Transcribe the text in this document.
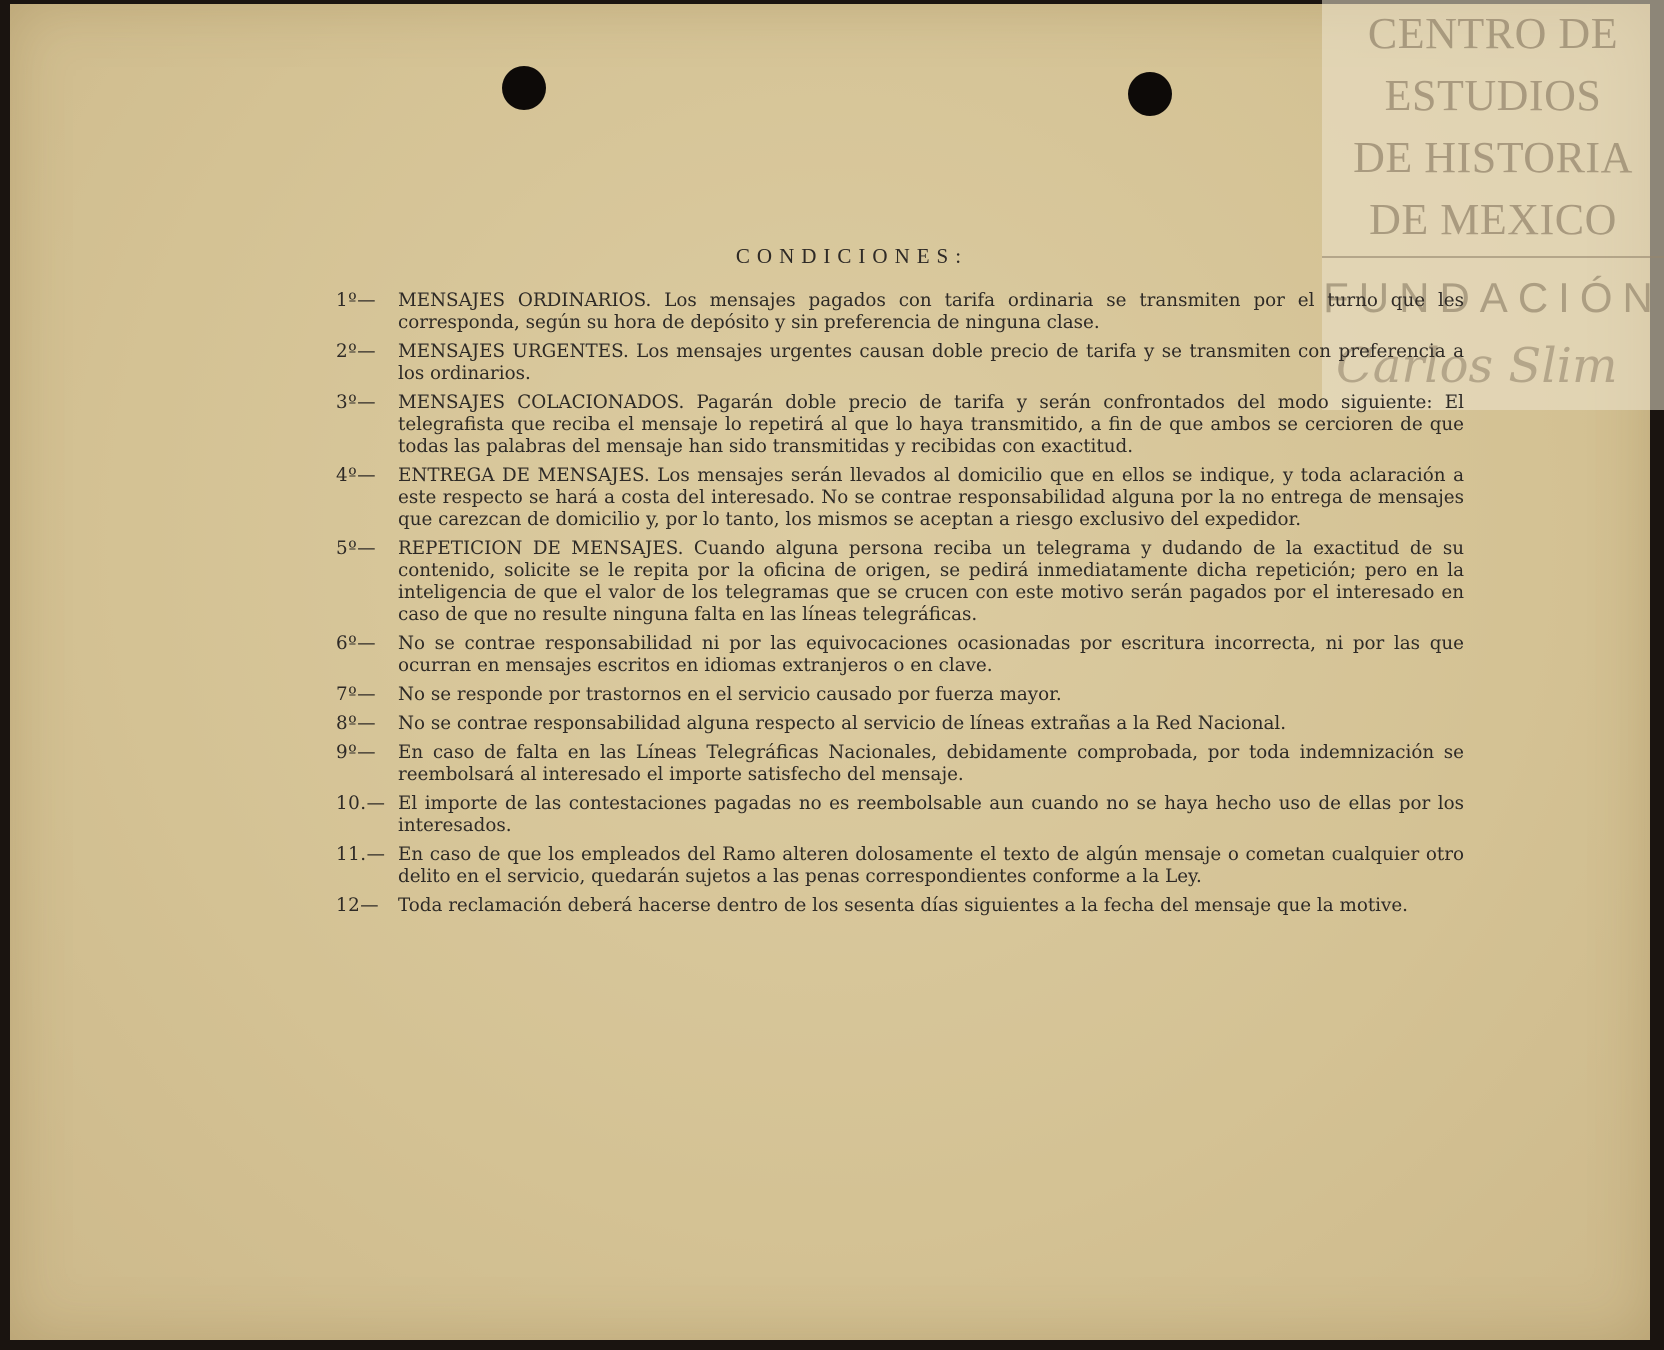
CENTRO DE
ESTUDIOS
DE HISTORIA
DE MEXICO
FUNDACIÓN
Carlos Slim
CONDICIONES:
1º— MENSAJES ORDINARIOS. Los mensajes pagados con tarifa ordinaria se transmiten por el turno que les corresponda, según su hora de depósito y sin preferencia de ninguna clase.
2º— MENSAJES URGENTES. Los mensajes urgentes causan doble precio de tarifa y se transmiten con preferencia a los ordinarios.
3º— MENSAJES COLACIONADOS. Pagarán doble precio de tarifa y serán confrontados del modo siguiente: El telegrafista que reciba el mensaje lo repetirá al que lo haya transmitido, a fin de que ambos se cercioren de que todas las palabras del mensaje han sido transmitidas y recibidas con exactitud.
4º— ENTREGA DE MENSAJES. Los mensajes serán llevados al domicilio que en ellos se indique, y toda aclaración a este respecto se hará a costa del interesado. No se contrae responsabilidad alguna por la no entrega de mensajes que carezcan de domicilio y, por lo tanto, los mismos se aceptan a riesgo exclusivo del expedidor.
5º— REPETICION DE MENSAJES. Cuando alguna persona reciba un telegrama y dudando de la exactitud de su contenido, solicite se le repita por la oficina de origen, se pedirá inmediatamente dicha repetición; pero en la inteligencia de que el valor de los telegramas que se crucen con este motivo serán pagados por el interesado en caso de que no resulte ninguna falta en las líneas telegráficas.
6º— No se contrae responsabilidad ni por las equivocaciones ocasionadas por escritura incorrecta, ni por las que ocurran en mensajes escritos en idiomas extranjeros o en clave.
7º— No se responde por trastornos en el servicio causado por fuerza mayor.
8º— No se contrae responsabilidad alguna respecto al servicio de líneas extrañas a la Red Nacional.
9º— En caso de falta en las Líneas Telegráficas Nacionales, debidamente comprobada, por toda indemnización se reembolsará al interesado el importe satisfecho del mensaje.
10.— El importe de las contestaciones pagadas no es reembolsable aun cuando no se haya hecho uso de ellas por los interesados.
11.— En caso de que los empleados del Ramo alteren dolosamente el texto de algún mensaje o cometan cualquier otro delito en el servicio, quedarán sujetos a las penas correspondientes conforme a la Ley.
12— Toda reclamación deberá hacerse dentro de los sesenta días siguientes a la fecha del mensaje que la motive.
